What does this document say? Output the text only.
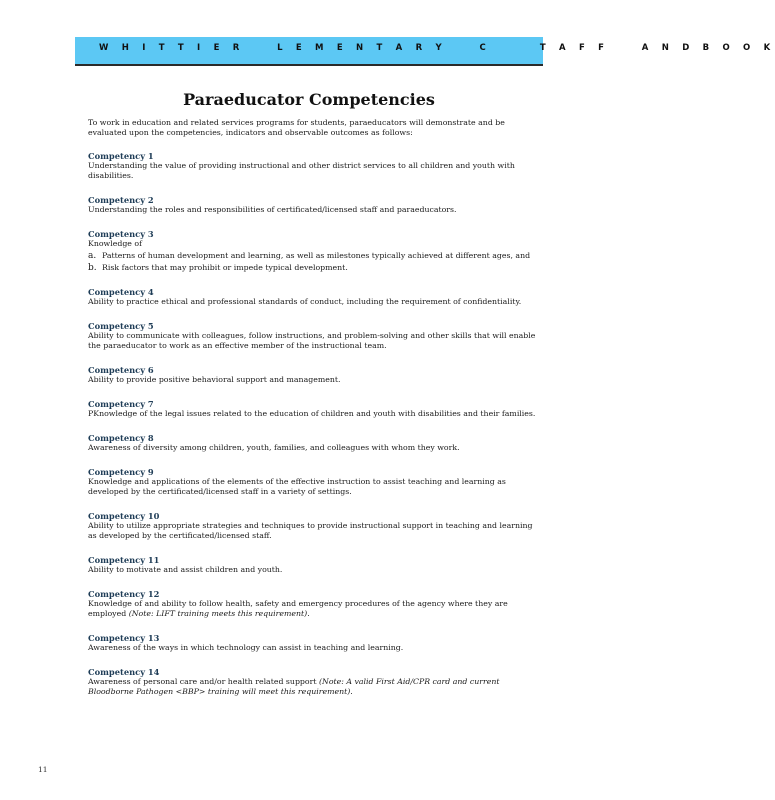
W H I T T I E R    L E M E N T A R Y    C      T A F F    A N D B O O K
Paraeducator Competencies

To work in education and related services programs for students, paraeducators will demonstrate and be evaluated upon the competencies, indicators and observable outcomes as follows:

Competency 1
Understanding the value of providing instructional and other district services to all children and youth with disabilities.
Competency 2
Understanding the roles and responsibilities of certificated/licensed staff and paraeducators.
Competency 3
Knowledge of
a. Patterns of human development and learning, as well as milestones typically achieved at different ages, and
b. Risk factors that may prohibit or impede typical development.
Competency 4
Ability to practice ethical and professional standards of conduct, including the requirement of confidentiality.
Competency 5
Ability to communicate with colleagues, follow instructions, and problem-solving and other skills that will enable the paraeducator to work as an effective member of the instructional team.
Competency 6
Ability to provide positive behavioral support and management.
Competency 7
PKnowledge of the legal issues related to the education of children and youth with disabilities and their families.
Competency 8
Awareness of diversity among children, youth, families, and colleagues with whom they work.
Competency 9
Knowledge and applications of the elements of the effective instruction to assist teaching and learning as developed by the certificated/licensed staff in a variety of settings.
Competency 10
Ability to utilize appropriate strategies and techniques to provide instructional support in teaching and learning as developed by the certificated/licensed staff.
Competency 11
Ability to motivate and assist children and youth.
Competency 12
Knowledge of and ability to follow health, safety and emergency procedures of the agency where they are employed (Note: LIFT training meets this requirement).
Competency 13
Awareness of the ways in which technology can assist in teaching and learning.
Competency 14
Awareness of personal care and/or health related support (Note: A valid First Aid/CPR card and current Bloodborne Pathogen <BBP> training will meet this requirement).
11
